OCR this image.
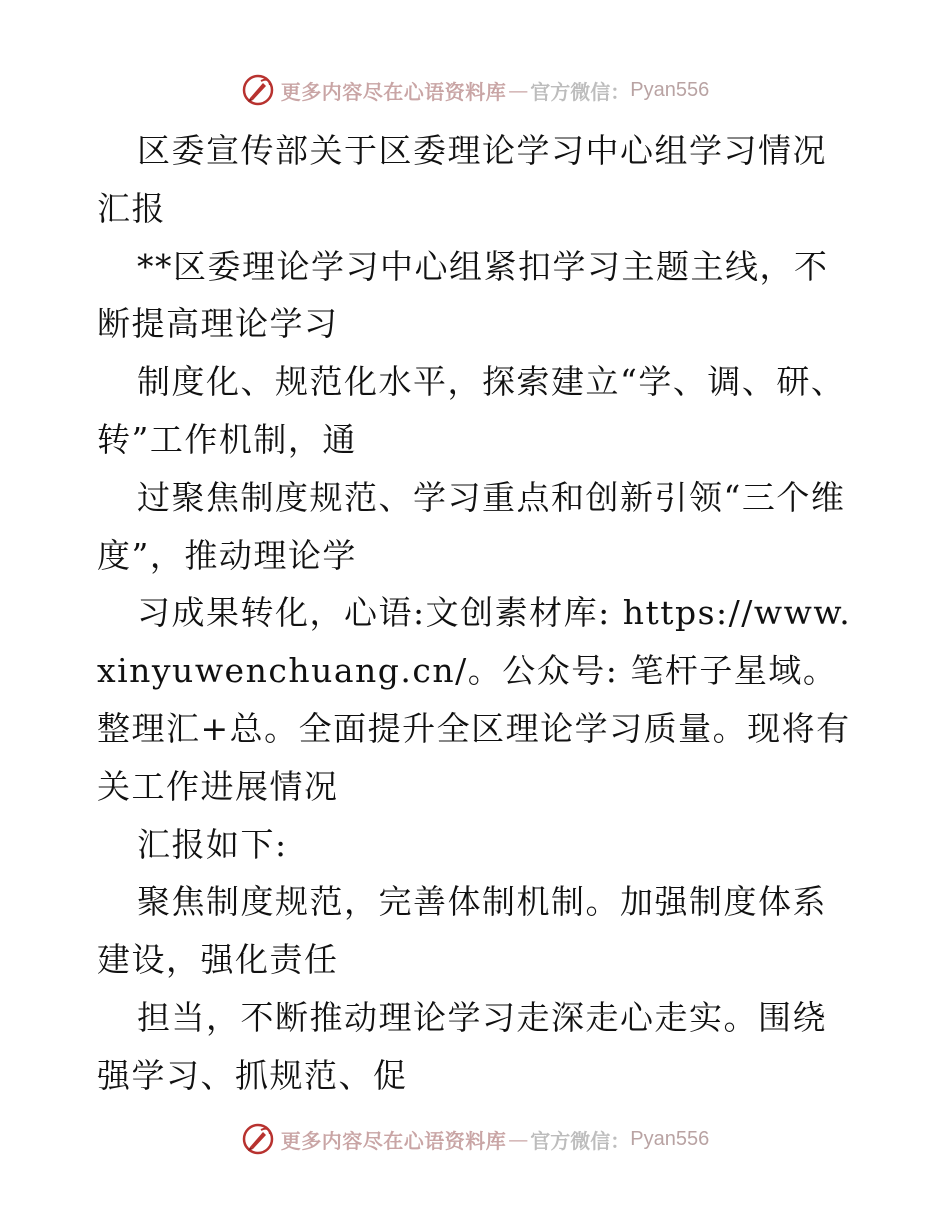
更多内容尽在心语资料库 — 官方微信： Pyan556

区委宣传部关于区委理论学习中心组学习情况汇报

**区委理论学习中心组紧扣学习主题主线，不断提高理论学习

制度化、规范化水平，探索建立“学、调、研、转”工作机制，通

过聚焦制度规范、学习重点和创新引领“三个维度”，推动理论学

习成果转化，心语:文创素材库: https://www.xinyuwenchuang.cn/。公众号: 笔杆子星域。整理汇+总。全面提升全区理论学习质量。现将有关工作进展情况

汇报如下:

聚焦制度规范，完善体制机制。加强制度体系建设，强化责任

担当，不断推动理论学习走深走心走实。围绕强学习、抓规范、促

更多内容尽在心语资料库 — 官方微信： Pyan556
